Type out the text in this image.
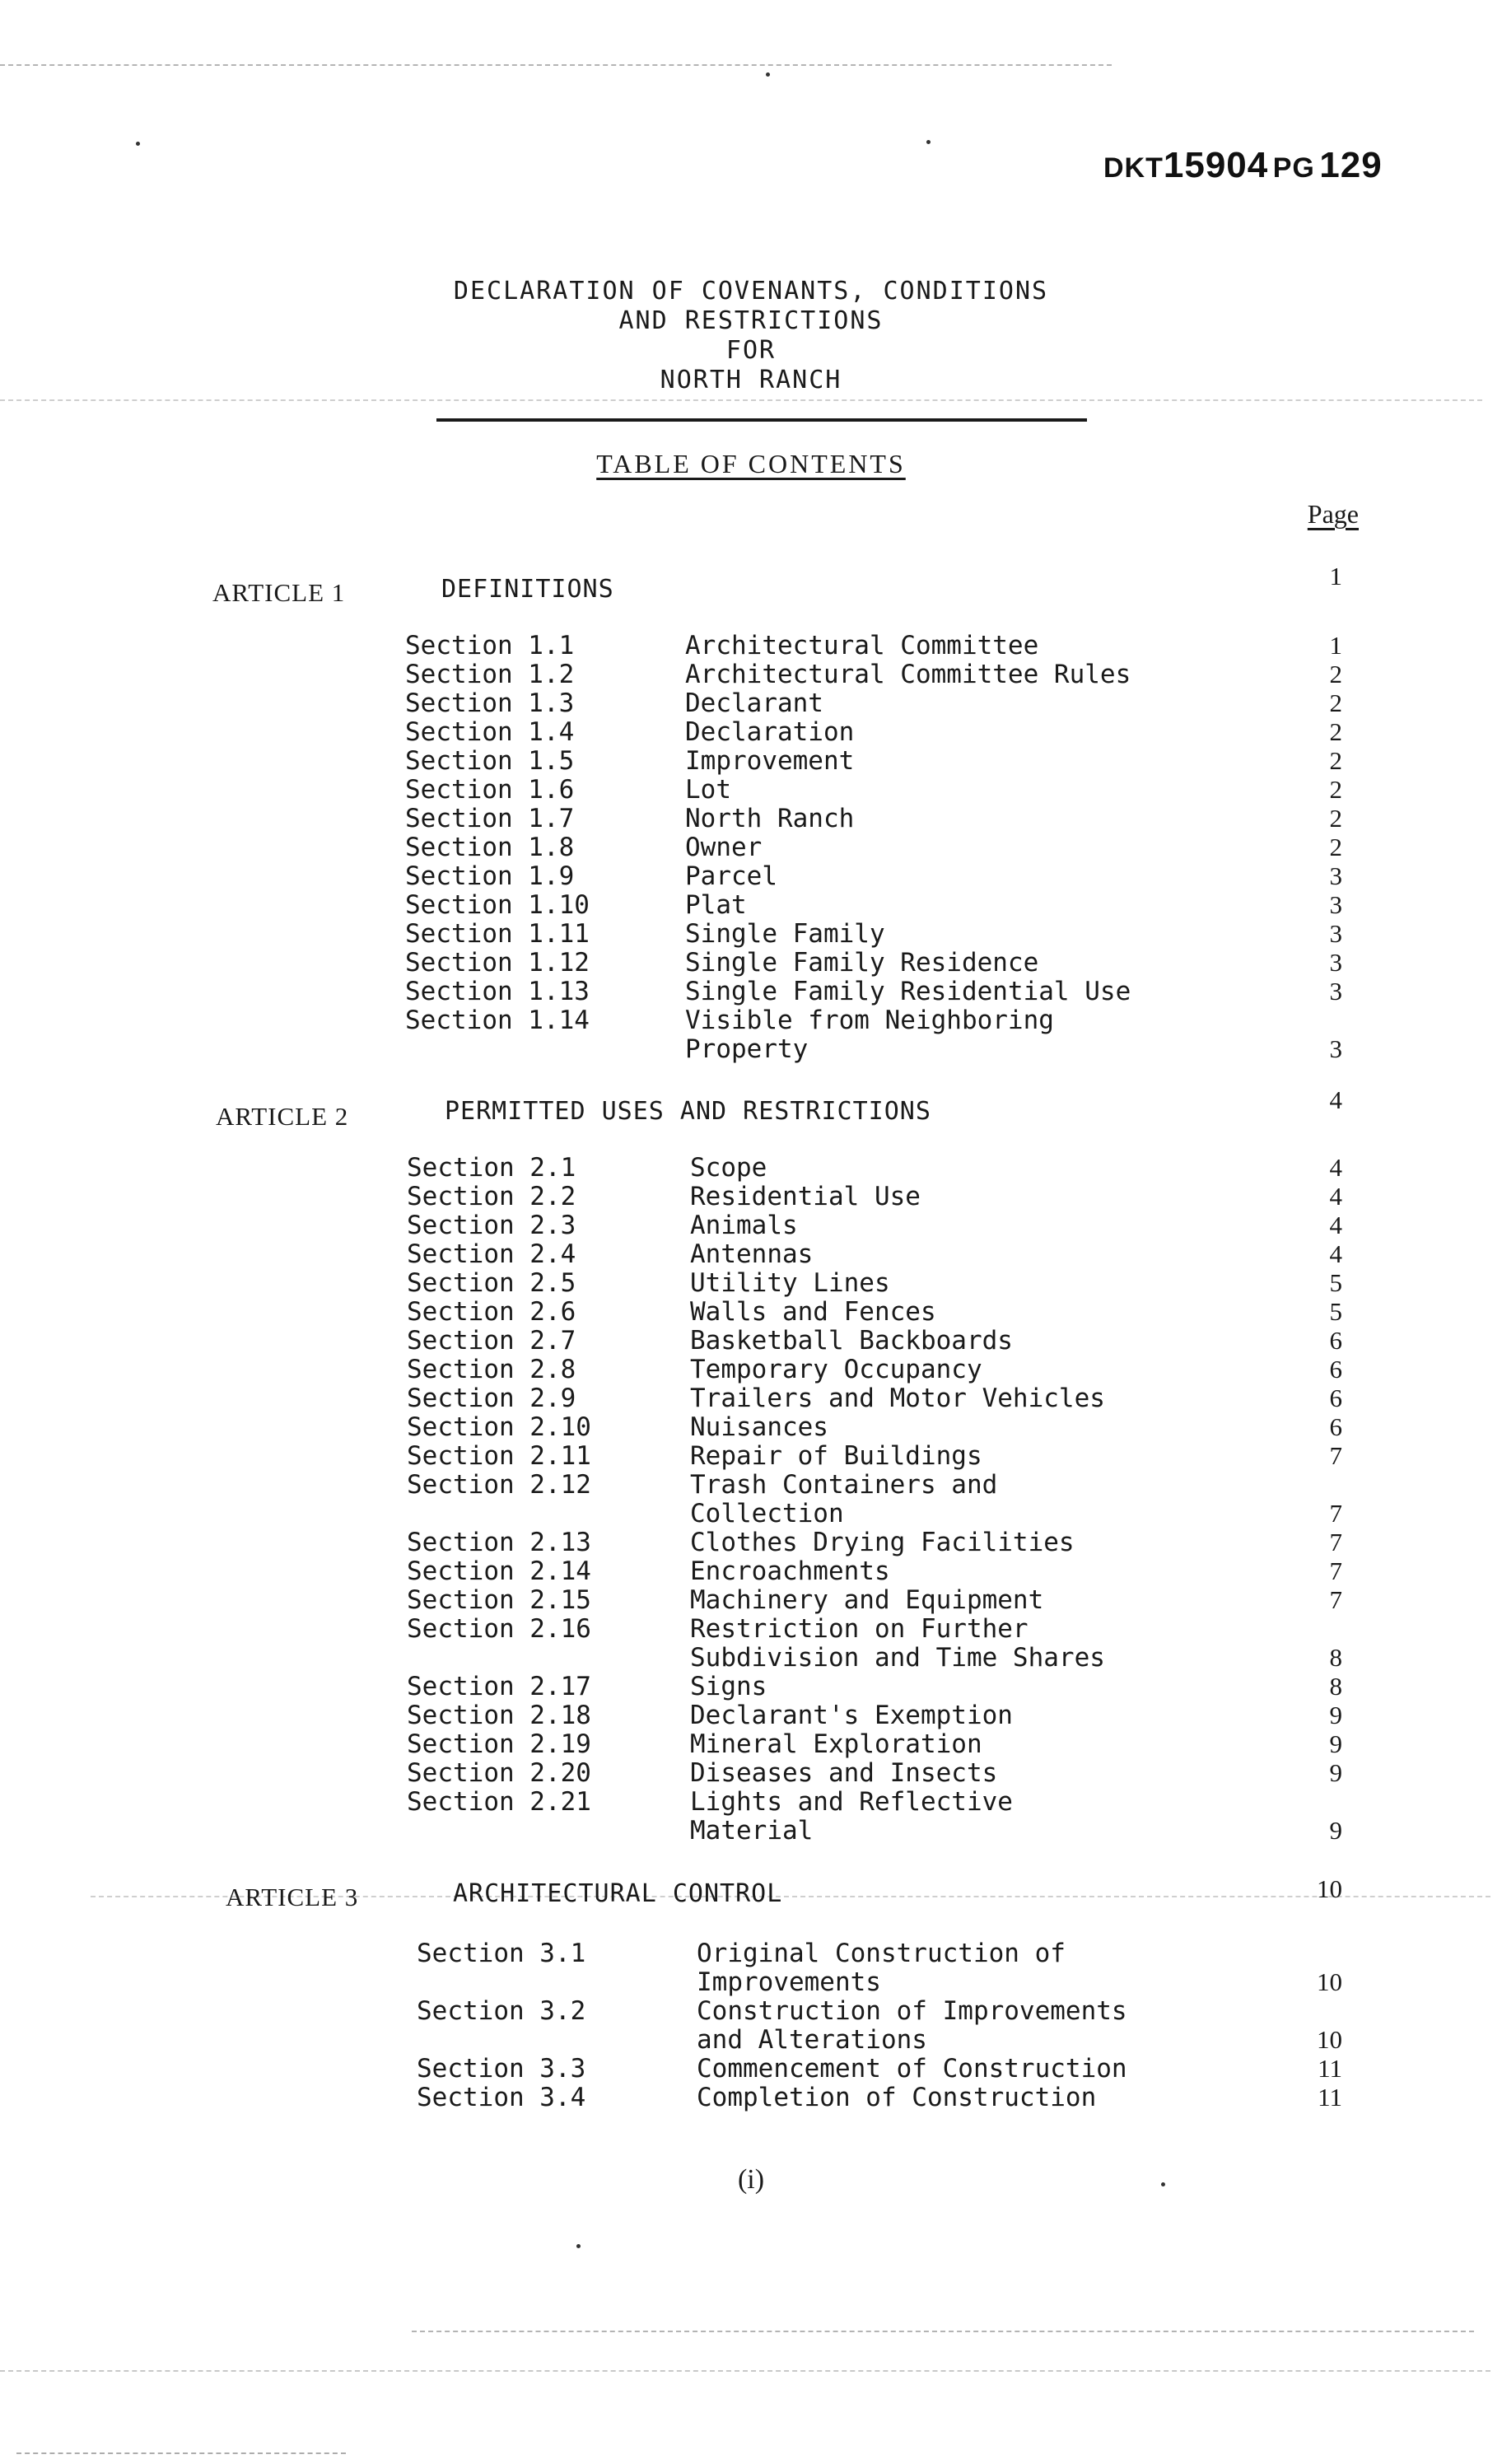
DKT15904 PG 129
DECLARATION OF COVENANTS, CONDITIONS
AND RESTRICTIONS
FOR
NORTH RANCH
TABLE OF CONTENTS
Page
ARTICLE 1	DEFINITIONS	1
Section 1.1	Architectural Committee	1
Section 1.2	Architectural Committee Rules	2
Section 1.3	Declarant	2
Section 1.4	Declaration	2
Section 1.5	Improvement	2
Section 1.6	Lot	2
Section 1.7	North Ranch	2
Section 1.8	Owner	2
Section 1.9	Parcel	3
Section 1.10	Plat	3
Section 1.11	Single Family	3
Section 1.12	Single Family Residence	3
Section 1.13	Single Family Residential Use	3
Section 1.14	Visible from Neighboring
Property	3
ARTICLE 2	PERMITTED USES AND RESTRICTIONS	4
Section 2.1	Scope	4
Section 2.2	Residential Use	4
Section 2.3	Animals	4
Section 2.4	Antennas	4
Section 2.5	Utility Lines	5
Section 2.6	Walls and Fences	5
Section 2.7	Basketball Backboards	6
Section 2.8	Temporary Occupancy	6
Section 2.9	Trailers and Motor Vehicles	6
Section 2.10	Nuisances	6
Section 2.11	Repair of Buildings	7
Section 2.12	Trash Containers and
Collection	7
Section 2.13	Clothes Drying Facilities	7
Section 2.14	Encroachments	7
Section 2.15	Machinery and Equipment	7
Section 2.16	Restriction on Further
Subdivision and Time Shares	8
Section 2.17	Signs	8
Section 2.18	Declarant's Exemption	9
Section 2.19	Mineral Exploration	9
Section 2.20	Diseases and Insects	9
Section 2.21	Lights and Reflective
Material	9
ARTICLE 3	ARCHITECTURAL CONTROL	10
Section 3.1	Original Construction of
Improvements	10
Section 3.2	Construction of Improvements
and Alterations	10
Section 3.3	Commencement of Construction	11
Section 3.4	Completion of Construction	11
(i)
